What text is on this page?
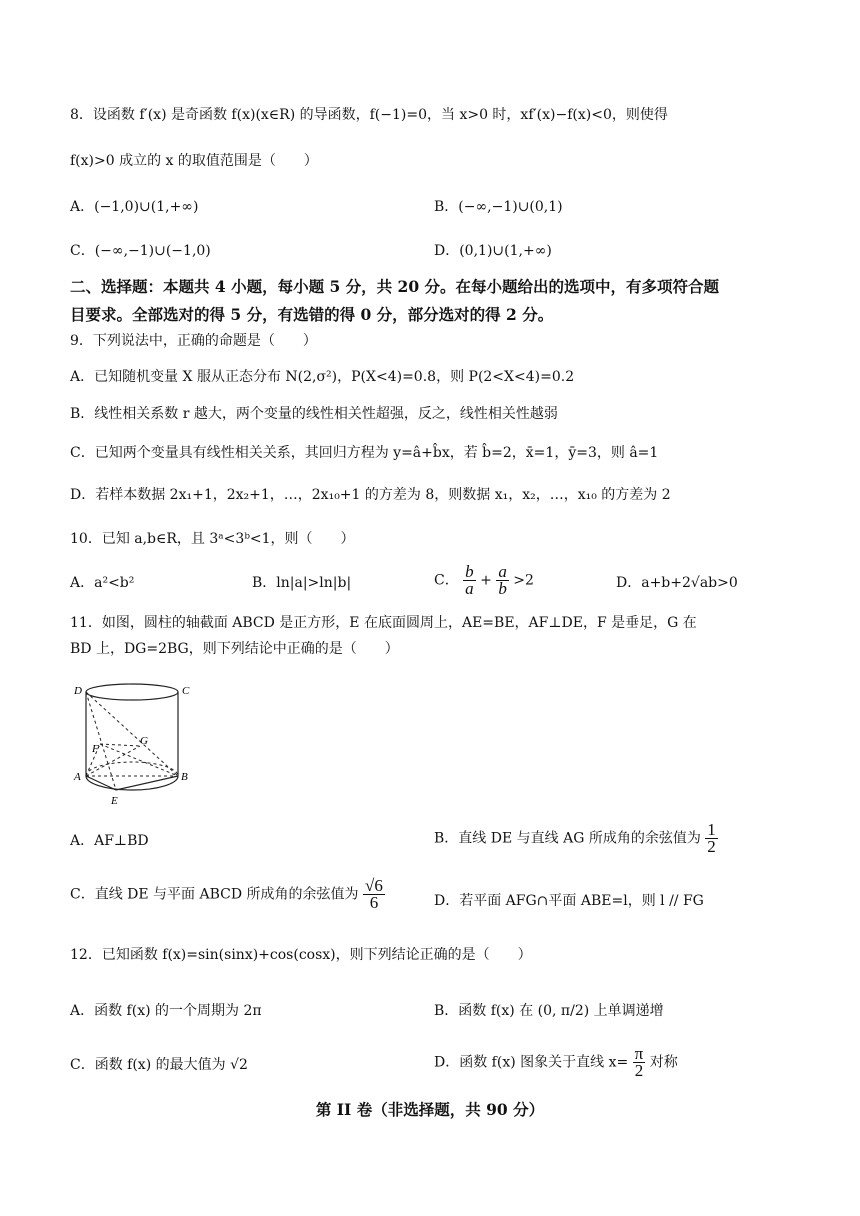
8．设函数 f′(x) 是奇函数 f(x)(x∈R) 的导函数，f(−1)=0，当 x>0 时，xf′(x)−f(x)<0，则使得
f(x)>0 成立的 x 的取值范围是（　　）
A．(−1,0)∪(1,+∞)	B．(−∞,−1)∪(0,1)
C．(−∞,−1)∪(−1,0)	D．(0,1)∪(1,+∞)
二、选择题：本题共 4 小题，每小题 5 分，共 20 分。在每小题给出的选项中，有多项符合题
目要求。全部选对的得 5 分，有选错的得 0 分，部分选对的得 2 分。
9．下列说法中，正确的命题是（　　）
A．已知随机变量 X 服从正态分布 N(2,σ²)，P(X<4)=0.8，则 P(2<X<4)=0.2
B．线性相关系数 r 越大，两个变量的线性相关性超强，反之，线性相关性越弱
C．已知两个变量具有线性相关关系，其回归方程为 y=â+b̂x，若 b̂=2，x̄=1，ȳ=3，则 â=1
D．若样本数据 2x₁+1，2x₂+1，…，2x₁₀+1 的方差为 8，则数据 x₁，x₂，…，x₁₀ 的方差为 2
10．已知 a,b∈R，且 3ᵃ<3ᵇ<1，则（　　）
A．a²<b²	B．ln|a|>ln|b|	C． $\frac{b}{a} + \frac{a}{b} >2$	D．a+b+2√ab>0
11．如图，圆柱的轴截面 ABCD 是正方形，E 在底面圆周上，AE=BE，AF⊥DE，F 是垂足，G 在
BD 上，DG=2BG，则下列结论中正确的是（　　）
D	C
G
F
A	B
E
A．AF⊥BD	B．直线 DE 与直线 AG 所成角的余弦值为 $\frac{1}{2}$
C．直线 DE 与平面 ABCD 所成角的余弦值为 $\frac{√6}{6}$	D．若平面 AFG∩平面 ABE=l，则 l // FG
12．已知函数 f(x)=sin(sinx)+cos(cosx)，则下列结论正确的是（　　）
A．函数 f(x) 的一个周期为 2π	B．函数 f(x) 在 (0, π/2) 上单调递增
C．函数 f(x) 的最大值为 √2	D．函数 f(x) 图象关于直线 $x= \frac{\pi}{2}$ 对称
第 II 卷（非选择题，共 90 分）
